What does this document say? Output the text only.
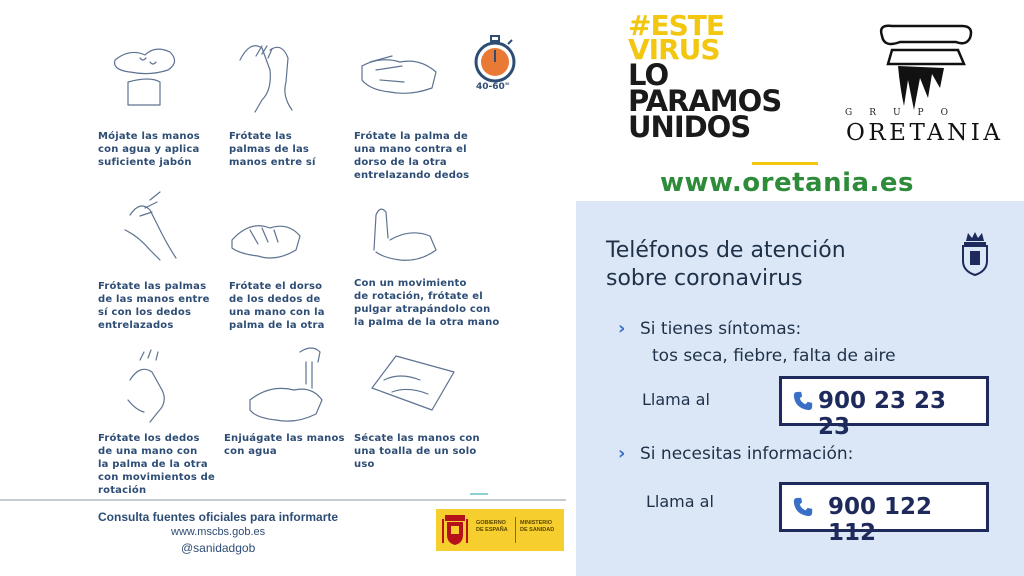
Mójate las manos
con agua y aplica
suficiente jabón
Frótate las
palmas de las
manos entre sí
Frótate la palma de
una mano contra el
dorso de la otra
entrelazando dedos
Frótate las palmas
de las manos entre
sí con los dedos
entrelazados
Frótate el dorso
de los dedos de
una mano con la
palma de la otra
Con un movimiento
de rotación, frótate el
pulgar atrapándolo con
la palma de la otra mano
Frótate los dedos
de una mano con
la palma de la otra
con movimientos de
rotación
Enjuágate las manos
con agua
Sécate las manos con
una toalla de un solo
uso
40-60"
Consulta fuentes oficiales para informarte
www.mscbs.gob.es
@sanidadgob
GOBIERNO
DE ESPAÑA
MINISTERIO
DE SANIDAD
#ESTE
VIRUS
LO
PARAMOS
UNIDOS	GRUPO
ORETANIA
www.oretania.es
Teléfonos de atención
sobre coronavirus
› Si tienes síntomas:
tos seca, fiebre, falta de aire
Llama al	900 23 23 23
› Si necesitas información:
Llama al	900 122 112
